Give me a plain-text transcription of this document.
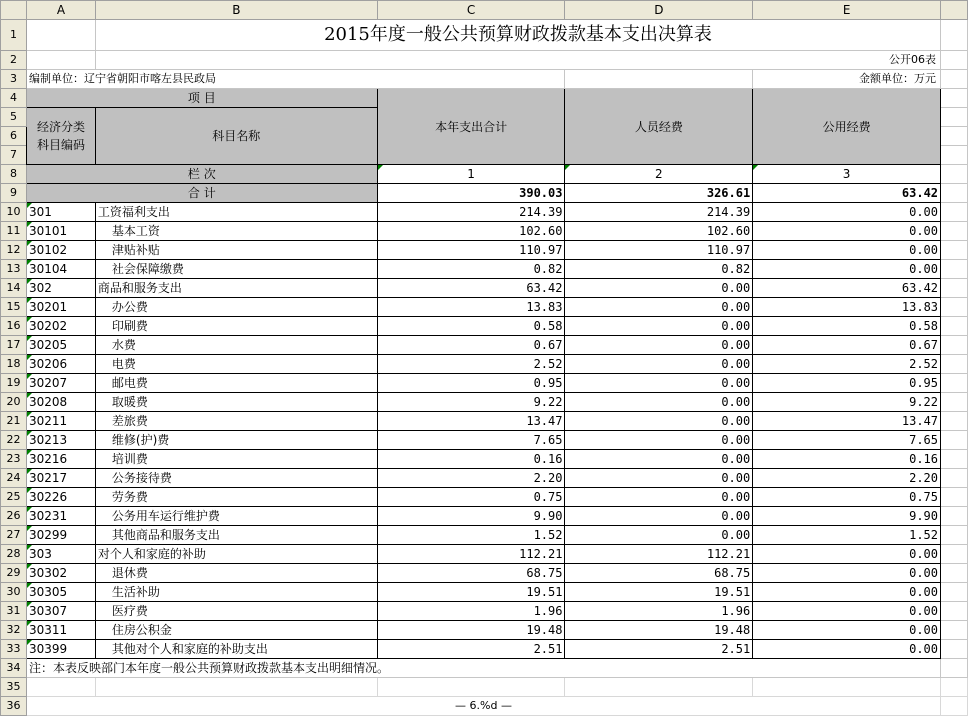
	A	B	C	D	E	
1		2015年度一般公共预算财政拨款基本支出决算表				
2		公开06表				
3	编制单位：辽宁省朝阳市喀左县民政局				金额单位：万元	
4	项 目		本年支出合计	人员经费	公用经费	
5	经济分类
科目编码	科目名称				
6						
7						
8	栏 次		1	2	3	
9	合 计		390.03	326.61	63.42	
10	301	工资福利支出	214.39	214.39	0.00	
11	30101	基本工资	102.60	102.60	0.00	
12	30102	津贴补贴	110.97	110.97	0.00	
13	30104	社会保障缴费	0.82	0.82	0.00	
14	302	商品和服务支出	63.42	0.00	63.42	
15	30201	办公费	13.83	0.00	13.83	
16	30202	印刷费	0.58	0.00	0.58	
17	30205	水费	0.67	0.00	0.67	
18	30206	电费	2.52	0.00	2.52	
19	30207	邮电费	0.95	0.00	0.95	
20	30208	取暖费	9.22	0.00	9.22	
21	30211	差旅费	13.47	0.00	13.47	
22	30213	维修(护)费	7.65	0.00	7.65	
23	30216	培训费	0.16	0.00	0.16	
24	30217	公务接待费	2.20	0.00	2.20	
25	30226	劳务费	0.75	0.00	0.75	
26	30231	公务用车运行维护费	9.90	0.00	9.90	
27	30299	其他商品和服务支出	1.52	0.00	1.52	
28	303	对个人和家庭的补助	112.21	112.21	0.00	
29	30302	退休费	68.75	68.75	0.00	
30	30305	生活补助	19.51	19.51	0.00	
31	30307	医疗费	1.96	1.96	0.00	
32	30311	住房公积金	19.48	19.48	0.00	
33	30399	其他对个人和家庭的补助支出	2.51	2.51	0.00	
34	注：本表反映部门本年度一般公共预算财政拨款基本支出明细情况。					
35						
36	— 6.%d —					
